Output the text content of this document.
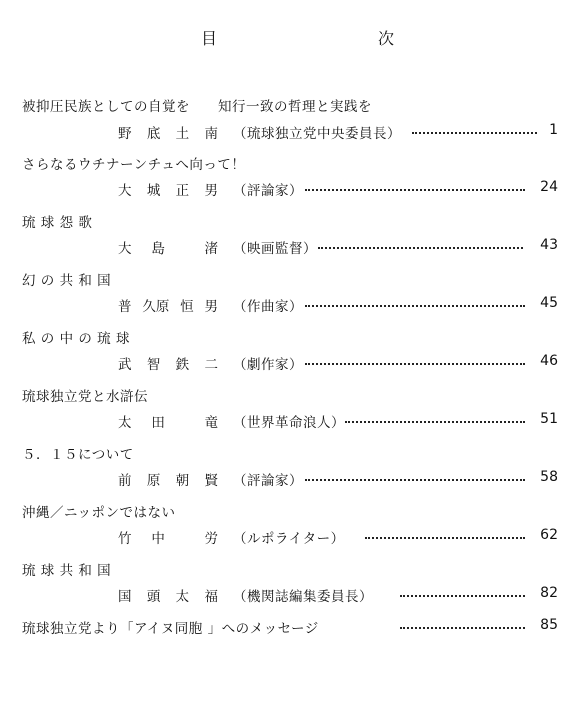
目	次
被抑圧民族としての自覚を　　知行一致の哲理と実践を
野 底 土 南 （琉球独立党中央委員長）	1
さらなるウチナーンチュへ向って！
大 城 正 男 （評論家）	24
琉 球 怨 歌
大 島	渚 （映画監督）	43
幻 の 共 和 国
普 久原 恒 男 （作曲家）	45
私 の 中 の 琉 球
武 智 鉄 二 （劇作家）	46
琉球独立党と水滸伝
太 田	竜 （世界革命浪人）	51
５．１５について
前 原 朝 賢 （評論家）	58
沖縄／ニッポンではない
竹 中	労 （ルポライター）	62
琉 球 共 和 国
国 頭 太 福 （機関誌編集委員長）	82
琉球独立党より「アイヌ同胞 」へのメッセージ	85
